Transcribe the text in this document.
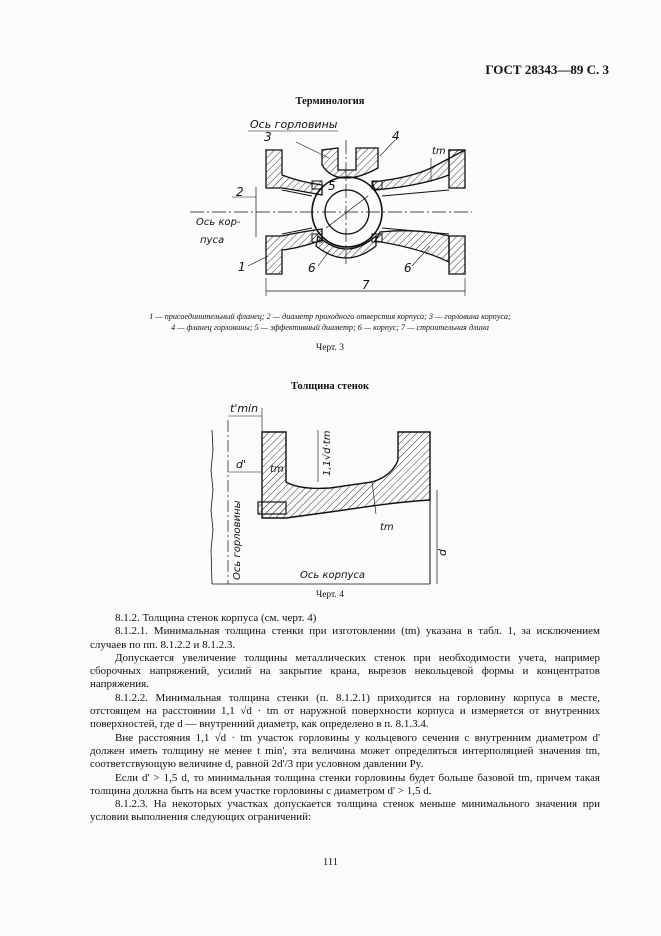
ГОСТ 28343—89 С. 3
Терминология
Ось горловины
3	4
tm
2	5
Ось кор-
пуса
1	6	6
7
1 — присоединительный фланец; 2 — диаметр проходного отверстия корпуса; 3 — горловина корпуса;
4 — фланец горловины; 5 — эффективный диаметр; 6 — корпус; 7 — строительная длина
Черт. 3
Толщина стенок
t'min
d' tm	1,1√d·tm
tm
Ось горловины	Ось корпуса
d
Черт. 4

8.1.2. Толщина стенок корпуса (см. черт. 4)

8.1.2.1. Минимальная толщина стенки при изготовлении (tm) указана в табл. 1, за исключением случаев по пп. 8.1.2.2 и 8.1.2.3.

Допускается увеличение толщины металлических стенок при необходимости учета, например сборочных напряжений, усилий на закрытие крана, вырезов некольцевой формы и концентратов напряжения.

8.1.2.2. Минимальная толщина стенки (п. 8.1.2.1) приходится на горловину корпуса в месте, отстоящем на расстоянии 1,1 √d · tm от наружной поверхности корпуса и измеряется от внутренних поверхностей, где d — внутренний диаметр, как определено в п. 8.1.3.4.

Вне расстояния 1,1 √d · tm участок горловины у кольцевого сечения с внутренним диаметром d' должен иметь толщину не менее t min', эта величина может определяться интерполяцией значения tm, соответствующую величине d, равной 2d'/3 при условном давлении Py.

Если d' > 1,5 d, то минимальная толщина стенки горловины будет больше базовой tm, причем такая толщина должна быть на всем участке горловины с диаметром d' > 1,5 d.

8.1.2.3. На некоторых участках допускается толщина стенок меньше минимального значения при условии выполнения следующих ограничений:

111
